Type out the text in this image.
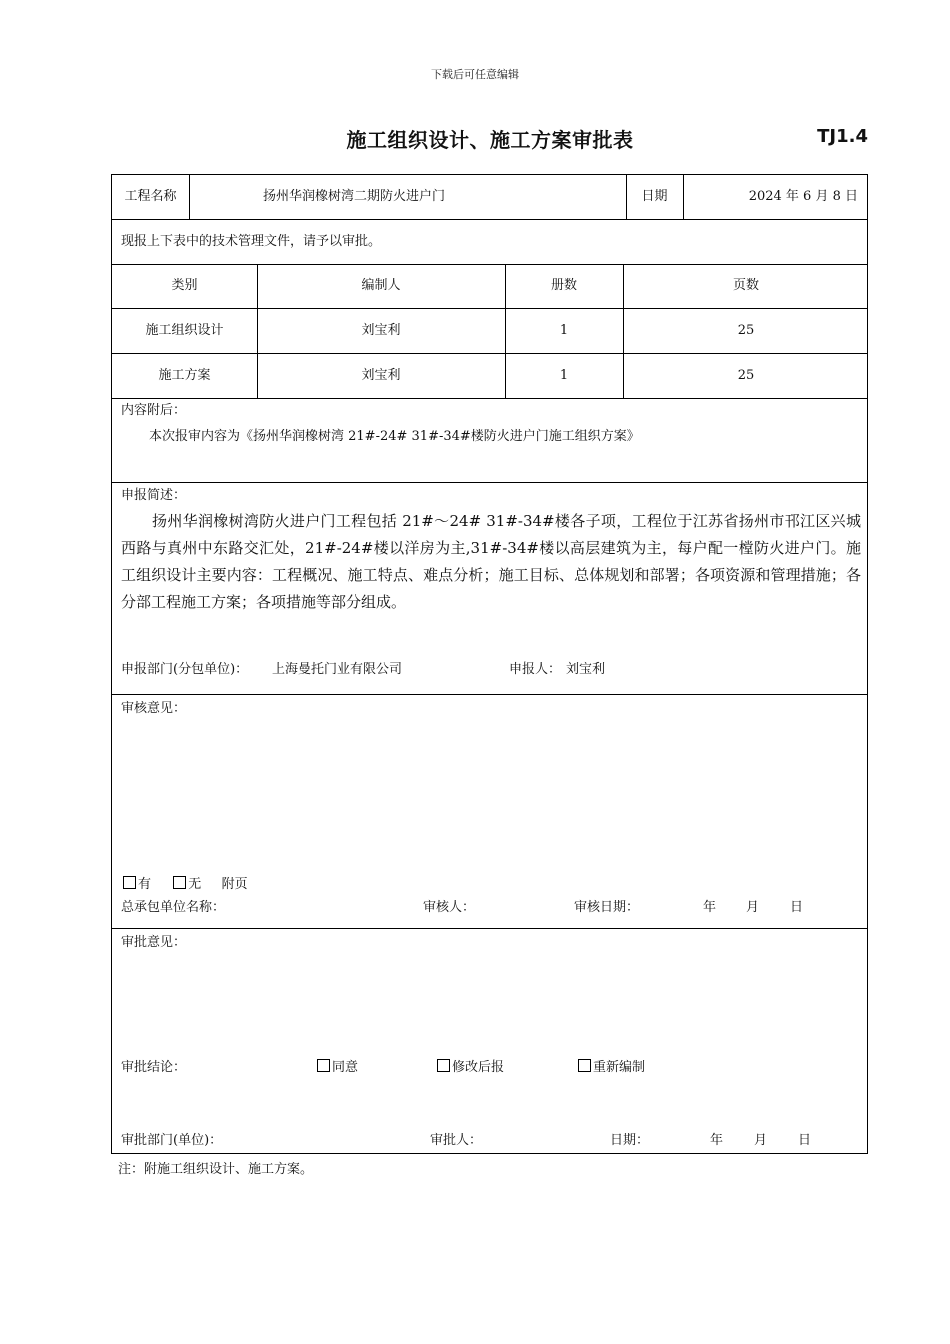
下载后可任意编辑
施工组织设计、施工方案审批表	TJ1.4
工程名称	扬州华润橡树湾二期防火进户门	日期	2024 年 6 月 8 日
现报上下表中的技术管理文件，请予以审批。
类别	编制人	册数	页数
施工组织设计	刘宝利	1	25
施工方案	刘宝利	1	25
内容附后：
本次报审内容为《扬州华润橡树湾 21#-24# 31#-34#楼防火进户门施工组织方案》
申报简述：
扬州华润橡树湾防火进户门工程包括 21#～24# 31#-34#楼各子项，工程位于江苏省扬州市邗江区兴城西路与真州中东路交汇处，21#-24#楼以洋房为主,31#-34#楼以高层建筑为主，每户配一樘防火进户门。施工组织设计主要内容：工程概况、施工特点、难点分析；施工目标、总体规划和部署；各项资源和管理措施；各分部工程施工方案；各项措施等部分组成。
申报部门(分包单位)： 上海曼托门业有限公司	申报人： 刘宝利
审核意见：
有	无 附页
总承包单位名称：	审核人：	审核日期：	年 月 日
审批意见：
审批结论：	同意	修改后报	重新编制
审批部门(单位)：	审批人：	日期：	年 月 日
注：附施工组织设计、施工方案。
